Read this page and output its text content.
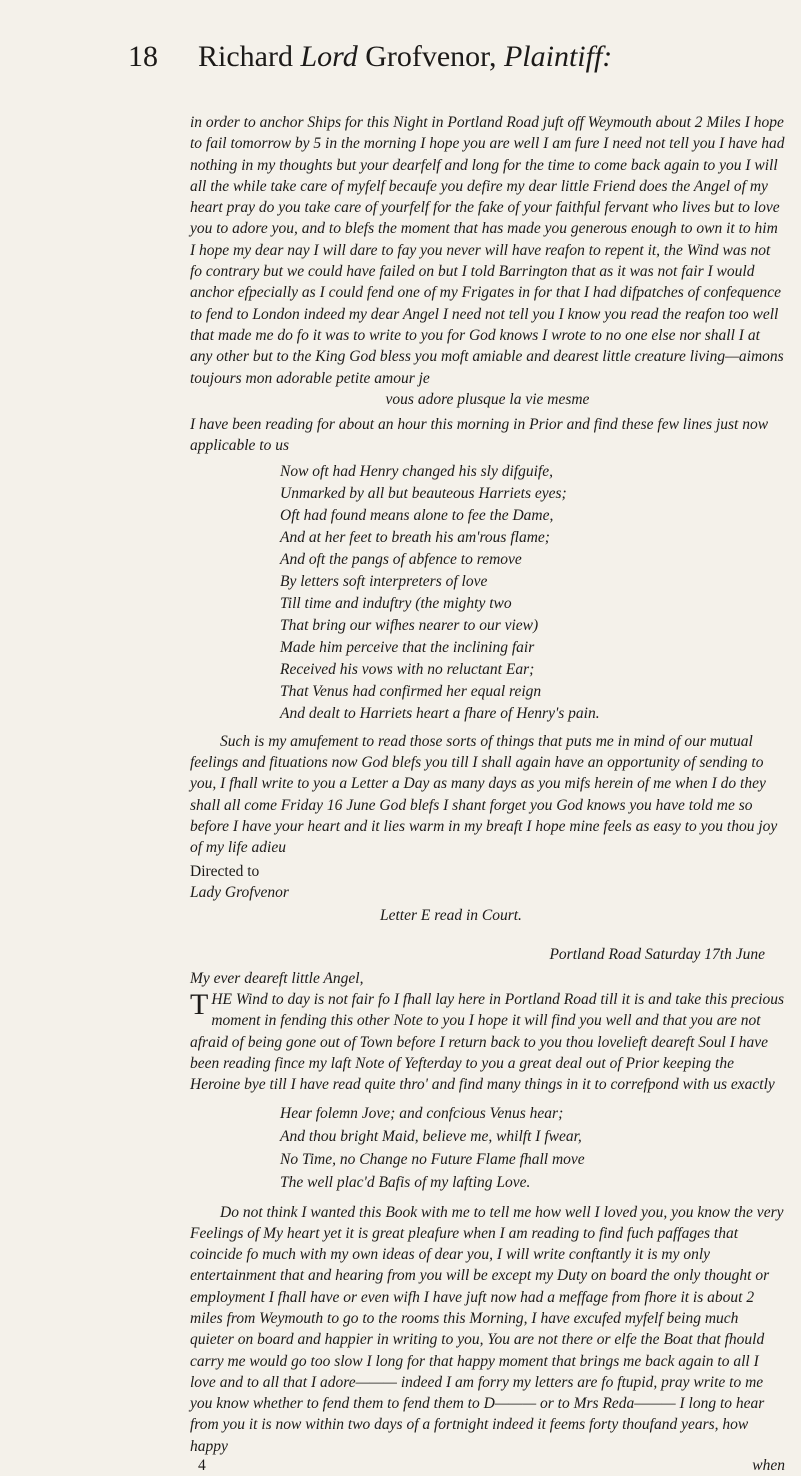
18 Richard Lord Grofvenor, Plaintiff:

in order to anchor Ships for this Night in Portland Road juft off Weymouth about 2 Miles I hope to fail tomorrow by 5 in the morning I hope you are well I am fure I need not tell you I have had nothing in my thoughts but your dearfelf and long for the time to come back again to you I will all the while take care of myfelf becaufe you defire my dear little Friend does the Angel of my heart pray do you take care of yourfelf for the fake of your faithful fervant who lives but to love you to adore you, and to blefs the moment that has made you generous enough to own it to him I hope my dear nay I will dare to fay you never will have reafon to repent it, the Wind was not fo contrary but we could have failed on but I told Barrington that as it was not fair I would anchor efpecially as I could fend one of my Frigates in for that I had difpatches of confequence to fend to London indeed my dear Angel I need not tell you I know you read the reafon too well that made me do fo it was to write to you for God knows I wrote to no one else nor shall I at any other but to the King God bless you moft amiable and dearest little creature living—aimons toujours mon adorable petite amour je

vous adore plusque la vie mesme

I have been reading for about an hour this morning in Prior and find these few lines just now applicable to us

Now oft had Henry changed his sly difguife,
Unmarked by all but beauteous Harriets eyes;
Oft had found means alone to fee the Dame,
And at her feet to breath his am'rous flame;
And oft the pangs of abfence to remove
By letters soft interpreters of love
Till time and induftry (the mighty two
That bring our wifhes nearer to our view)
Made him perceive that the inclining fair
Received his vows with no reluctant Ear;
That Venus had confirmed her equal reign
And dealt to Harriets heart a fhare of Henry's pain.

Such is my amufement to read those sorts of things that puts me in mind of our mutual feelings and fituations now God blefs you till I shall again have an opportunity of sending to you, I fhall write to you a Letter a Day as many days as you mifs herein of me when I do they shall all come Friday 16 June God blefs I shant forget you God knows you have told me so before I have your heart and it lies warm in my breaft I hope mine feels as easy to you thou joy of my life adieu

Directed to
Lady Grofvenor
Letter E read in Court.
Portland Road Saturday 17th June
My ever deareft little Angel,

T HE Wind to day is not fair fo I fhall lay here in Portland Road till it is and take this precious moment in fending this other Note to you I hope it will find you well and that you are not afraid of being gone out of Town before I return back to you thou lovelieft deareft Soul I have been reading fince my laft Note of Yefterday to you a great deal out of Prior keeping the Heroine bye till I have read quite thro' and find many things in it to correfpond with us exactly

Hear folemn Jove; and confcious Venus hear;
And thou bright Maid, believe me, whilft I fwear,
No Time, no Change no Future Flame fhall move
The well plac'd Bafis of my lafting Love.

Do not think I wanted this Book with me to tell me how well I loved you, you know the very Feelings of My heart yet it is great pleafure when I am reading to find fuch paffages that coincide fo much with my own ideas of dear you, I will write conftantly it is my only entertainment that and hearing from you will be except my Duty on board the only thought or employment I fhall have or even wifh I have juft now had a meffage from fhore it is about 2 miles from Weymouth to go to the rooms this Morning, I have excufed myfelf being much quieter on board and happier in writing to you, You are not there or elfe the Boat that fhould carry me would go too slow I long for that happy moment that brings me back again to all I love and to all that I adore——— indeed I am forry my letters are fo ftupid, pray write to me you know whether to fend them to fend them to D——— or to Mrs Reda——— I long to hear from you it is now within two days of a fortnight indeed it feems forty thoufand years, how happy

4	when
